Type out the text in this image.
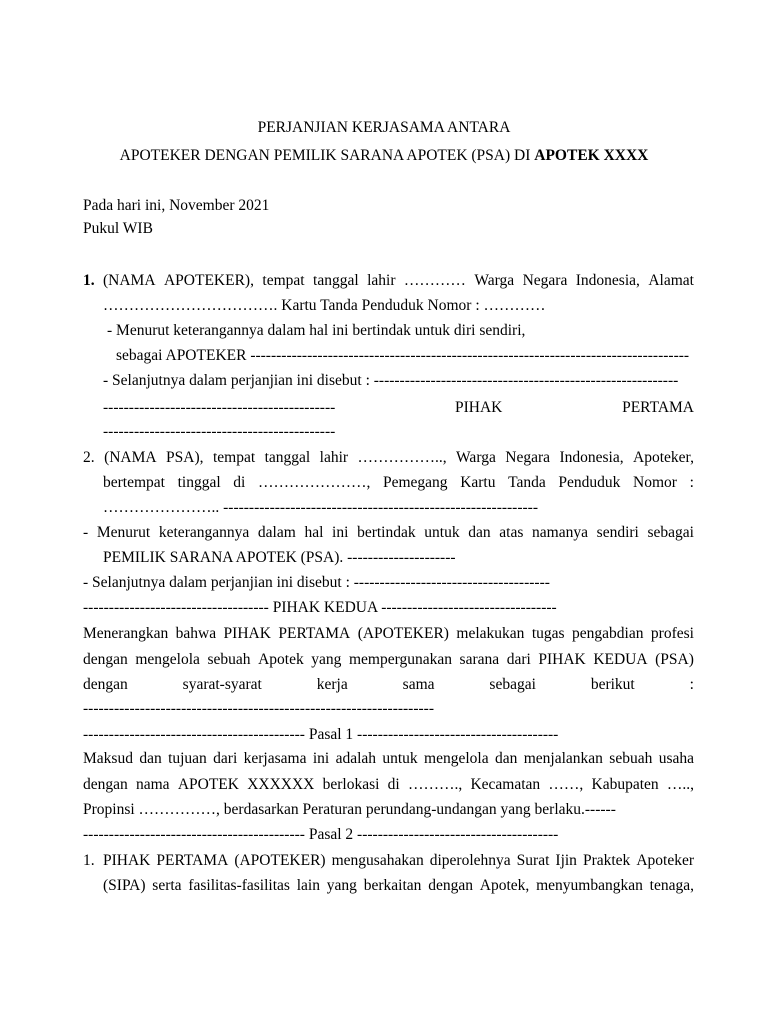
PERJANJIAN KERJASAMA ANTARA
APOTEKER DENGAN PEMILIK SARANA APOTEK (PSA) DI APOTEK XXXX
Pada hari ini, November 2021
Pukul WIB
1. (NAMA APOTEKER), tempat tanggal lahir ………… Warga Negara Indonesia, Alamat
……………………………. Kartu Tanda Penduduk Nomor : …………
- Menurut keterangannya dalam hal ini bertindak untuk diri sendiri,
sebagai APOTEKER -------------------------------------------------------------------------------------
- Selanjutnya dalam perjanjian ini disebut : -----------------------------------------------------------
---------------------------------------------	PIHAK	PERTAMA
---------------------------------------------
2. (NAMA PSA), tempat tanggal lahir …………….., Warga Negara Indonesia, Apoteker,
bertempat tinggal di …………………, Pemegang Kartu Tanda Penduduk Nomor :
………………….. -------------------------------------------------------------
- Menurut keterangannya dalam hal ini bertindak untuk dan atas namanya sendiri sebagai
PEMILIK SARANA APOTEK (PSA). ---------------------
- Selanjutnya dalam perjanjian ini disebut : --------------------------------------
------------------------------------ PIHAK KEDUA ----------------------------------
Menerangkan bahwa PIHAK PERTAMA (APOTEKER) melakukan tugas pengabdian profesi
dengan mengelola sebuah Apotek yang mempergunakan sarana dari PIHAK KEDUA (PSA)
dengan	syarat-syarat	kerja	sama	sebagai	berikut	:
--------------------------------------------------------------------
------------------------------------------- Pasal 1 ---------------------------------------
Maksud dan tujuan dari kerjasama ini adalah untuk mengelola dan menjalankan sebuah usaha
dengan nama APOTEK XXXXXX berlokasi di ………., Kecamatan ……, Kabupaten …..,
Propinsi ……………, berdasarkan Peraturan perundang-undangan yang berlaku.------
------------------------------------------- Pasal 2 ---------------------------------------
1. PIHAK PERTAMA (APOTEKER) mengusahakan diperolehnya Surat Ijin Praktek Apoteker
(SIPA) serta fasilitas-fasilitas lain yang berkaitan dengan Apotek, menyumbangkan tenaga,
